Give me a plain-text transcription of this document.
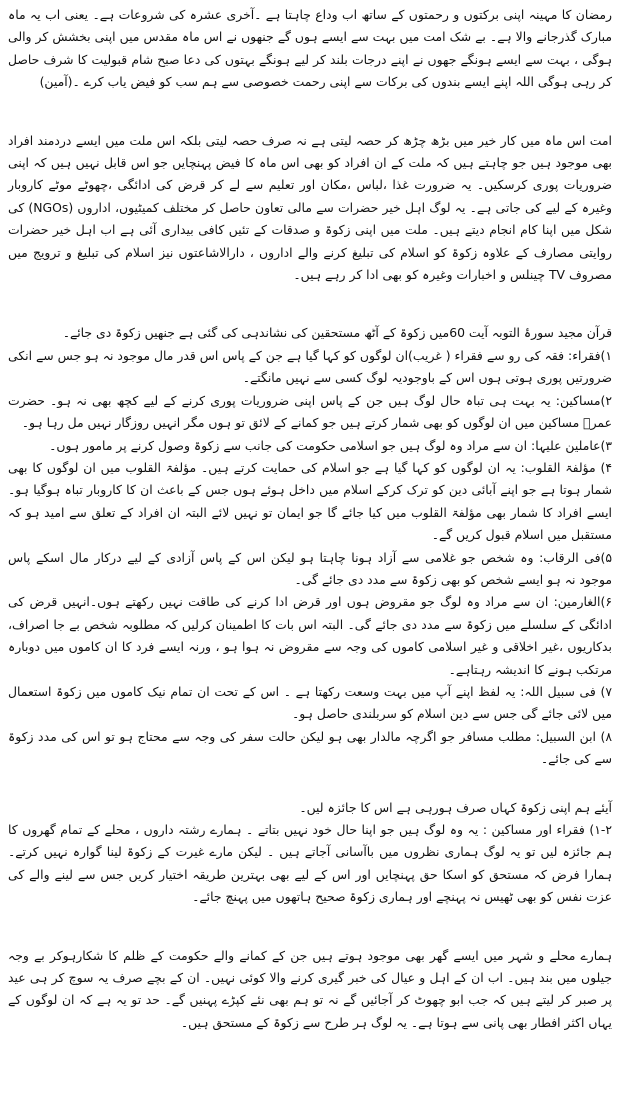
رمضان کا مہینہ اپنی برکتوں و رحمتوں کے ساتھ اب وداع چاہتا ہے ۔آخری عشرہ کی شروعات ہے۔ یعنی اب یہ ماہ مبارک گذرجانے والا ہے۔ بے شک امت میں بہت سے ایسے ہوں گے جنھوں نے اس ماہ مقدس میں اپنی بخشش کر والی ہوگی ، بہت سے ایسے ہونگے جھوں نے اپنے درجات بلند کر لیے ہونگے بہتوں کی دعا صبح شام قبولیت کا شرف حاصل کر رہی ہوگی اللہ اپنے ایسے بندوں کی برکات سے اپنی رحمت خصوصی سے ہم سب کو فیض یاب کرے ۔(آمین)

امت اس ماہ میں کار خیر میں بڑھ چڑھ کر حصہ لیتی ہے نہ صرف حصہ لیتی بلکہ اس ملت میں ایسے دردمند افراد بھی موجود ہیں جو چاہتے ہیں کہ ملت کے ان افراد کو بھی اس ماہ کا فیض پہنچایں جو اس قابل نہیں ہیں کہ اپنی ضروریات پوری کرسکیں۔ یہ ضرورت غذا ،لباس ،مکان اور تعلیم سے لے کر قرض کی ادائگی ،چھوٹے موٹے کاروبار وغیرہ کے لیے کی جاتی ہے۔ یہ لوگ اہل خیر حضرات سے مالی تعاون حاصل کر مختلف کمیٹیوں، اداروں (NGOs) کی شکل میں اپنا کام انجام دیتے ہیں۔ ملت میں اپنی زکوۃ و صدقات کے تئیں کافی بیداری آئی ہے اب اہل خیر حضرات روایتی مصارف کے علاوہ زکوۃ کو اسلام کی تبلیغ کرنے والے اداروں ، دارالاشاعتوں نیز اسلام کی تبلیغ و ترویج میں مصروف TV چینلس و اخبارات وغیرہ کو بھی ادا کر رہے ہیں۔

قرآن مجید سورۂ التوبہ آیت 60میں زکوۃ کے آٹھ مستحقین کی نشاندہی کی گئی ہے جنھیں زکوۃ دی جائے۔

۱)فقراء: فقہ کی رو سے فقراء ( غریب)ان لوگوں کو کہا گیا ہے جن کے پاس اس قدر مال موجود نہ ہو جس سے انکی ضرورتیں پوری ہوتی ہوں اس کے باوجودیہ لوگ کسی سے نہیں مانگتے۔

۲)مساکین: یہ بہت ہی تباہ حال لوگ ہیں جن کے پاس اپنی ضروریات پوری کرنے کے لیے کچھ بھی نہ ہو۔ حضرت عمرؓ مساکین میں ان لوگوں کو بھی شمار کرتے ہیں جو کمانے کے لائق تو ہوں مگر انہیں روزگار نہیں مل رہا ہو۔

۳)عاملین علیہا: ان سے مراد وہ لوگ ہیں جو اسلامی حکومت کی جانب سے زکوۃ وصول کرنے پر مامور ہوں۔

۴) مؤلفۃ القلوب: یہ ان لوگوں کو کہا گیا ہے جو اسلام کی حمایت کرتے ہیں۔ مؤلفۃ القلوب میں ان لوگوں کا بھی شمار ہوتا ہے جو اپنے آبائی دین کو ترک کرکے اسلام میں داخل ہوئے ہوں جس کے باعث ان کا کاروبار تباہ ہوگیا ہو۔ ایسے افراد کا شمار بھی مؤلفۃ القلوب میں کیا جائے گا جو ایمان تو نہیں لائے البتہ ان افراد کے تعلق سے امید ہو کہ مستقبل میں اسلام قبول کریں گے۔

۵)فی الرقاب: وہ شخص جو غلامی سے آزاد ہونا چاہتا ہو لیکن اس کے پاس آزادی کے لیے درکار مال اسکے پاس موجود نہ ہو ایسے شخص کو بھی زکوۃ سے مدد دی جائے گی۔

۶)الغارمین: ان سے مراد وہ لوگ جو مقروض ہوں اور قرض ادا کرنے کی طاقت نہیں رکھتے ہوں۔انہیں قرض کی ادائگی کے سلسلے میں زکوۃ سے مدد دی جائے گی۔ البتہ اس بات کا اطمینان کرلیں کہ مطلوبہ شخص بے جا اصراف، بدکاریوں ،غیر اخلاقی و غیر اسلامی کاموں کی وجہ سے مقروض نہ ہوا ہو ، ورنہ ایسے فرد کا ان کاموں میں دوبارہ مرتکب ہونے کا اندیشہ رہتاہے۔

۷) فی سبیل اللہ: یہ لفظ اپنے آپ میں بہت وسعت رکھتا ہے ۔ اس کے تحت ان تمام نیک کاموں میں زکوۃ استعمال میں لائی جائے گی جس سے دین اسلام کو سربلندی حاصل ہو۔

۸) ابن السبیل: مطلب مسافر جو اگرچہ مالدار بھی ہو لیکن حالت سفر کی وجہ سے محتاج ہو تو اس کی مدد زکوۃ سے کی جائے۔

آیئے ہم اپنی زکوۃ کہاں صرف ہورہی ہے اس کا جائزہ لیں۔

۱-۲) فقراء اور مساکین : یہ وہ لوگ ہیں جو اپنا حال خود نہیں بتاتے ۔ ہمارے رشتہ داروں ، محلے کے تمام گھروں کا ہم جائزہ لیں تو یہ لوگ ہماری نظروں میں باآسانی آجاتے ہیں ۔ لیکن مارے غیرت کے زکوۃ لینا گوارہ نہیں کرتے۔ ہمارا فرض کہ مستحق کو اسکا حق پہنچایں اور اس کے لیے بھی بہترین طریقہ اختیار کریں جس سے لینے والے کی عزت نفس کو بھی ٹھیس نہ پہنچے اور ہماری زکوۃ صحیح ہاتھوں میں پہنچ جائے۔

ہمارے محلے و شہر میں ایسے گھر بھی موجود ہوتے ہیں جن کے کمانے والے حکومت کے ظلم کا شکارہوکر بے وجہ جیلوں میں بند ہیں۔ اب ان کے اہل و عیال کی خبر گیری کرنے والا کوئی نہیں۔ ان کے بچے صرف یہ سوچ کر ہی عید پر صبر کر لیتے ہیں کہ جب ابو چھوٹ کر آجائیں گے نہ تو ہم بھی نئے کپڑے پہنیں گے۔ حد تو یہ ہے کہ ان لوگوں کے یہاں اکثر افطار بھی پانی سے ہوتا ہے۔ یہ لوگ ہر طرح سے زکوۃ کے مستحق ہیں۔
